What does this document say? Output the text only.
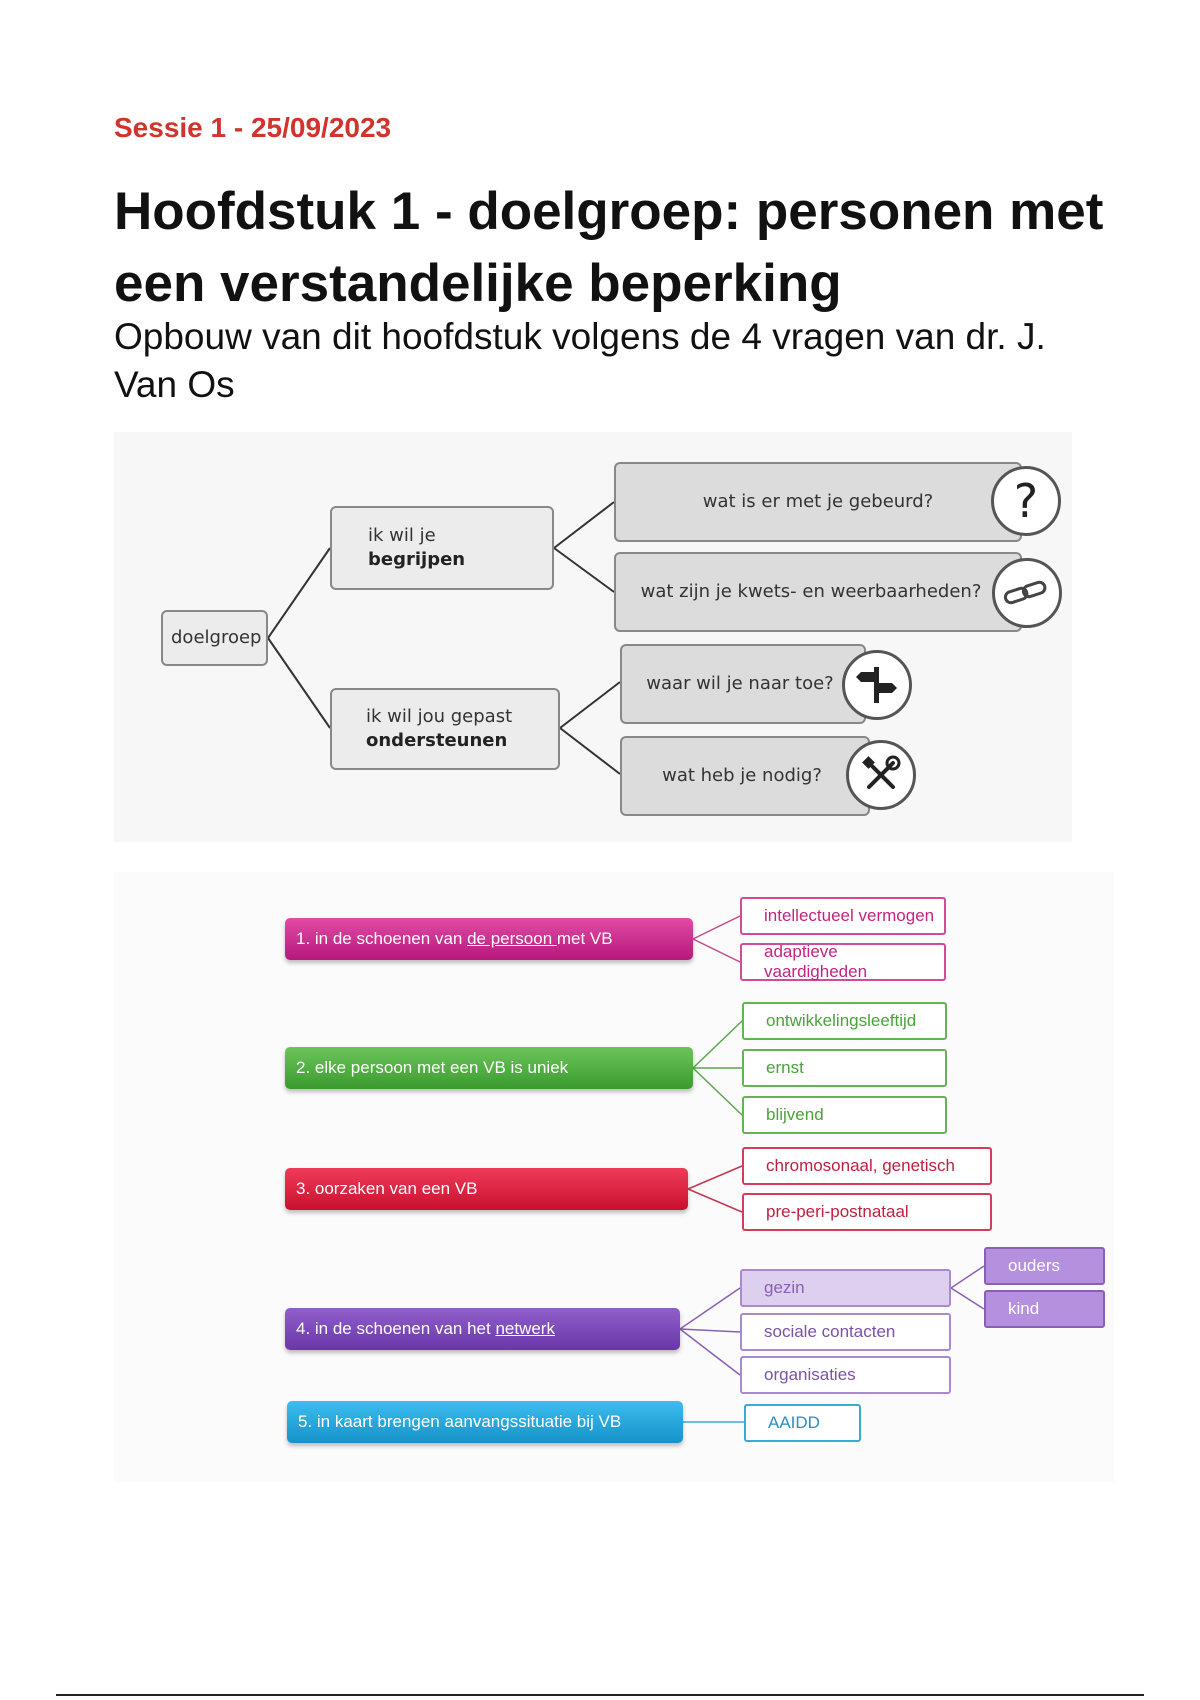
Sessie 1 - 25/09/2023
Hoofdstuk 1 - doelgroep: personen met een verstandelijke beperking

Opbouw van dit hoofdstuk volgens de 4 vragen van dr. J. Van Os

doelgroep
ik wil je begrijpen
ik wil jou gepast
ondersteunen
wat is er met je gebeurd?	?
wat zijn je kwets- en weerbaarheden?
waar wil je naar toe?
wat heb je nodig?
1. in de schoenen van de persoon met VB
intellectueel vermogen
adaptieve vaardigheden
2. elke persoon met een VB is uniek
ontwikkelingsleeftijd
ernst
blijvend
3. oorzaken van een VB
chromosonaal, genetisch
pre-peri-postnataal
4. in de schoenen van het netwerk
gezin
sociale contacten
organisaties
ouders
kind
5. in kaart brengen aanvangssituatie bij VB	AAIDD
